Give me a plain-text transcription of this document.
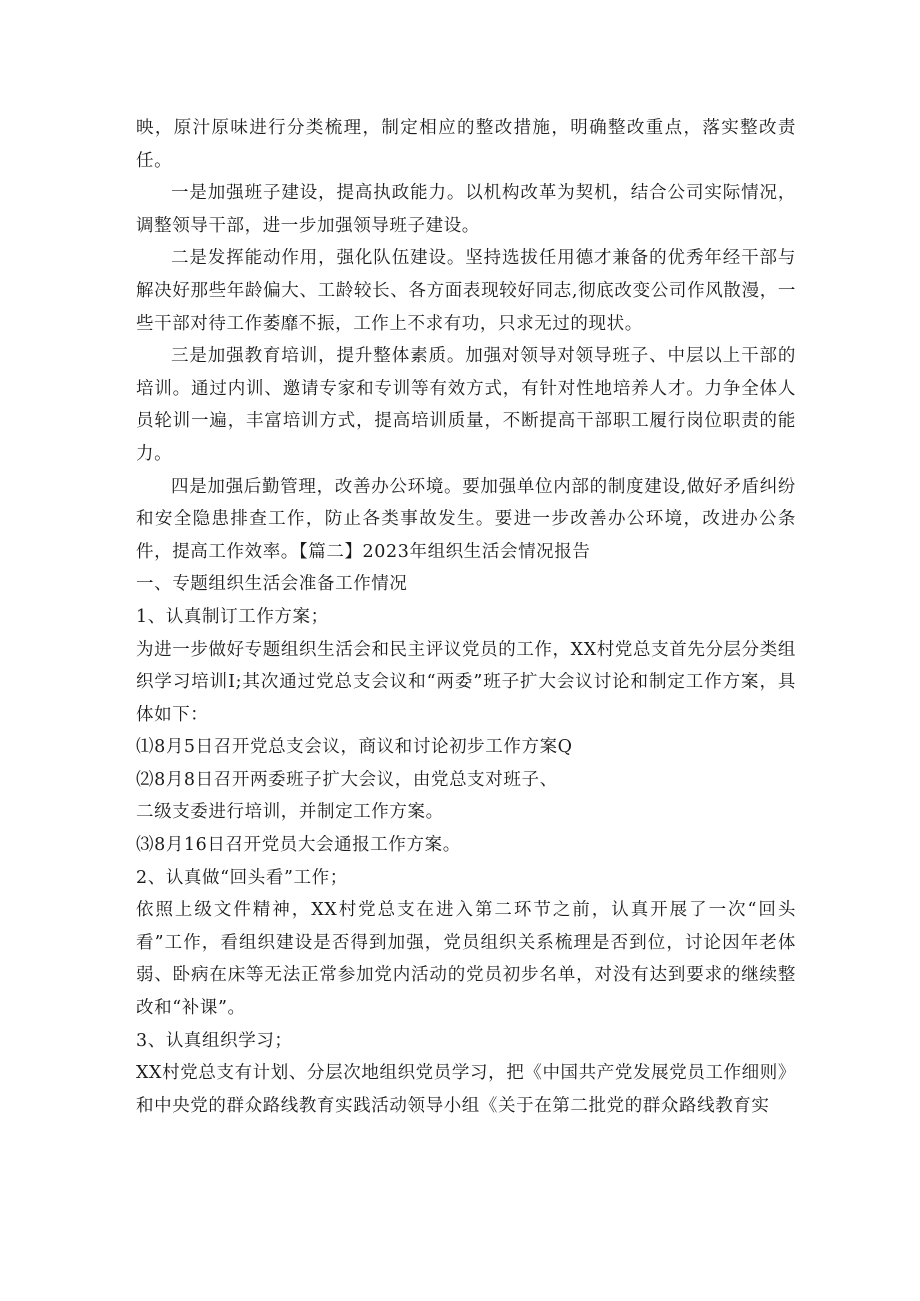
映，原汁原味进行分类梳理，制定相应的整改措施，明确整改重点，落实整改责任。

一是加强班子建设，提高执政能力。以机构改革为契机，结合公司实际情况，调整领导干部，进一步加强领导班子建设。

二是发挥能动作用，强化队伍建设。坚持选拔任用德才兼备的优秀年经干部与解决好那些年龄偏大、工龄较长、各方面表现较好同志,彻底改变公司作风散漫，一些干部对待工作萎靡不振，工作上不求有功，只求无过的现状。

三是加强教育培训，提升整体素质。加强对领导对领导班子、中层以上干部的培训。通过内训、邀请专家和专训等有效方式，有针对性地培养人才。力争全体人员轮训一遍，丰富培训方式，提高培训质量，不断提高干部职工履行岗位职责的能力。

四是加强后勤管理，改善办公环境。要加强单位内部的制度建设,做好矛盾纠纷和安全隐患排查工作，防止各类事故发生。要进一步改善办公环境，改进办公条件，提高工作效率。【篇二】2023年组织生活会情况报告

一、专题组织生活会准备工作情况

1、认真制订工作方案；

为进一步做好专题组织生活会和民主评议党员的工作，XX村党总支首先分层分类组织学习培训I;其次通过党总支会议和“两委”班子扩大会议讨论和制定工作方案，具体如下：

⑴8月5日召开党总支会议，商议和讨论初步工作方案Q

⑵8月8日召开两委班子扩大会议，由党总支对班子、

二级支委进行培训，并制定工作方案。

⑶8月16日召开党员大会通报工作方案。

2、认真做“回头看”工作；

依照上级文件精神，XX村党总支在进入第二环节之前，认真开展了一次“回头看”工作，看组织建设是否得到加强，党员组织关系梳理是否到位，讨论因年老体弱、卧病在床等无法正常参加党内活动的党员初步名单，对没有达到要求的继续整改和“补课”。

3、认真组织学习；

XX村党总支有计划、分层次地组织党员学习，把《中国共产党发展党员工作细则》和中央党的群众路线教育实践活动领导小组《关于在第二批党的群众路线教育实
